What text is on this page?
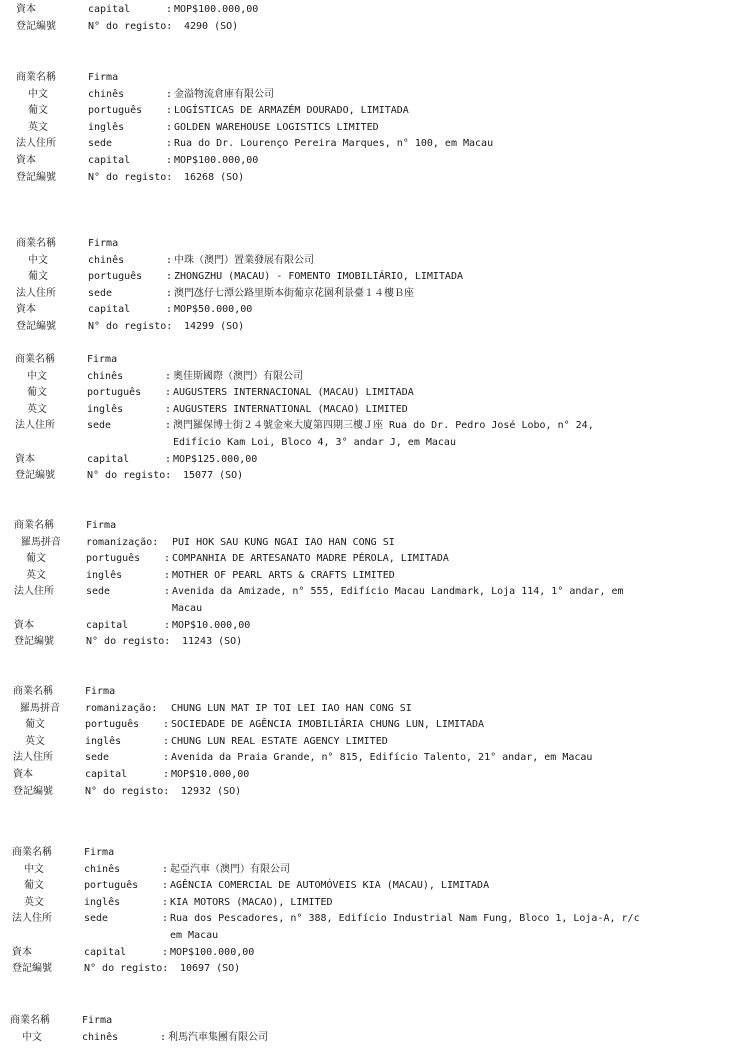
資本	capital	: MOP$100.000,00
登記編號	N° do registo: 4290 (SO)
商業名稱	Firma
中文	chinês	: 金溢物流倉庫有限公司
葡文	português : LOGÍSTICAS DE ARMAZÉM DOURADO, LIMITADA
英文	inglês	: GOLDEN WAREHOUSE LOGISTICS LIMITED
法人住所	sede	: Rua do Dr. Lourenço Pereira Marques, n° 100, em Macau
資本	capital	: MOP$100.000,00
登記編號	N° do registo: 16268 (SO)
商業名稱	Firma
中文	chinês	: 中珠（澳門）置業發展有限公司
葡文	português : ZHONGZHU (MACAU) - FOMENTO IMOBILIÁRIO, LIMITADA
法人住所	sede	: 澳門氹仔七潭公路里斯本街葡京花園利景臺１４樓Ｂ座
資本	capital	: MOP$50.000,00
登記編號	N° do registo: 14299 (SO)
商業名稱	Firma
中文	chinês	: 奧佳斯國際（澳門）有限公司
葡文	português : AUGUSTERS INTERNACIONAL (MACAU) LIMITADA
英文	inglês	: AUGUSTERS INTERNATIONAL (MACAO) LIMITED
法人住所	sede	: 澳門羅保博士街２４號金來大廈第四期三樓Ｊ座 Rua do Dr. Pedro José Lobo, n° 24,
Edifício Kam Loi, Bloco 4, 3° andar J, em Macau
資本	capital	: MOP$125.000,00
登記編號	N° do registo: 15077 (SO)
商業名稱	Firma
羅馬拼音	romanização: PUI HOK SAU KUNG NGAI IAO HAN CONG SI
葡文	português : COMPANHIA DE ARTESANATO MADRE PÉROLA, LIMITADA
英文	inglês	: MOTHER OF PEARL ARTS & CRAFTS LIMITED
法人住所	sede	: Avenida da Amizade, n° 555, Edifício Macau Landmark, Loja 114, 1° andar, em
Macau
資本	capital	: MOP$10.000,00
登記編號	N° do registo: 11243 (SO)
商業名稱	Firma
羅馬拼音	romanização: CHUNG LUN MAT IP TOI LEI IAO HAN CONG SI
葡文	português : SOCIEDADE DE AGÊNCIA IMOBILIÁRIA CHUNG LUN, LIMITADA
英文	inglês	: CHUNG LUN REAL ESTATE AGENCY LIMITED
法人住所	sede	: Avenida da Praia Grande, n° 815, Edifício Talento, 21° andar, em Macau
資本	capital	: MOP$10.000,00
登記編號	N° do registo: 12932 (SO)
商業名稱	Firma
中文	chinês	: 起亞汽車（澳門）有限公司
葡文	português : AGÊNCIA COMERCIAL DE AUTOMÓVEIS KIA (MACAU), LIMITADA
英文	inglês	: KIA MOTORS (MACAO), LIMITED
法人住所	sede	: Rua dos Pescadores, n° 388, Edifício Industrial Nam Fung, Bloco 1, Loja-A, r/c
em Macau
資本	capital	: MOP$100.000,00
登記編號	N° do registo: 10697 (SO)
商業名稱	Firma
中文	chinês	: 利馬汽車集團有限公司
